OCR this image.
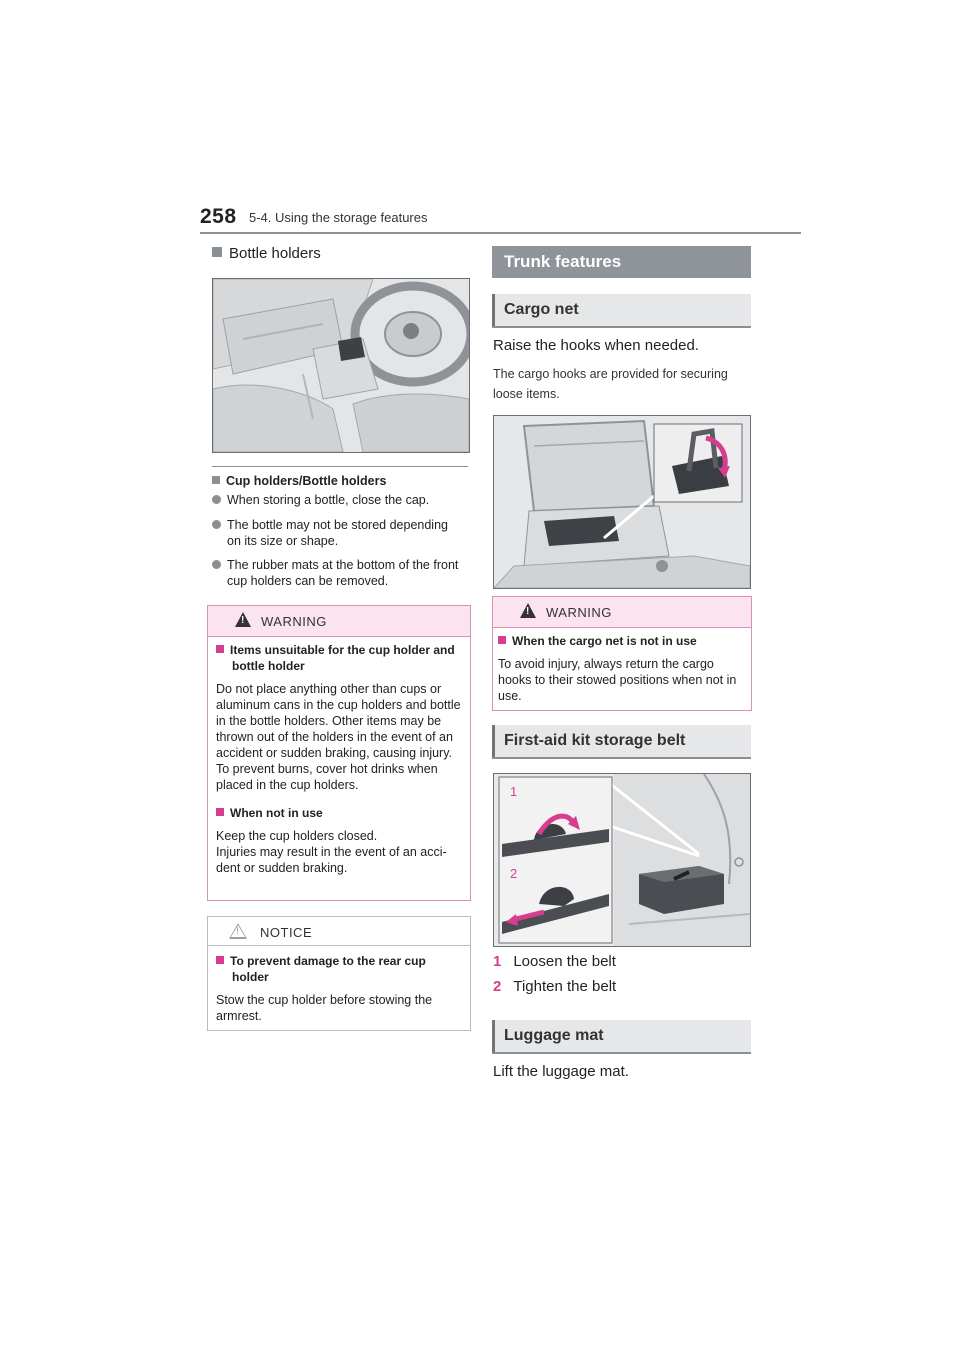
258 5-4. Using the storage features
Bottle holders
Cup holders/Bottle holders
When storing a bottle, close the cap.
The bottle may not be stored depending on its size or shape.
The rubber mats at the bottom of the front cup holders can be removed.
!
WARNING
Items unsuitable for the cup holder and bottle holder
Do not place anything other than cups or aluminum cans in the cup holders and bottle in the bottle holders. Other items may be thrown out of the holders in the event of an accident or sudden braking, causing injury.
To prevent burns, cover hot drinks when placed in the cup holders.
When not in use
Keep the cup holders closed.
Injuries may result in the event of an acci-dent or sudden braking.
!
NOTICE
To prevent damage to the rear cup holder
Stow the cup holder before stowing the armrest.
Trunk features
Cargo net
Raise the hooks when needed.
The cargo hooks are provided for securing loose items.
!
WARNING
When the cargo net is not in use
To avoid injury, always return the cargo hooks to their stowed positions when not in use.
First-aid kit storage belt
1
2
1 Loosen the belt
2 Tighten the belt
Luggage mat
Lift the luggage mat.
